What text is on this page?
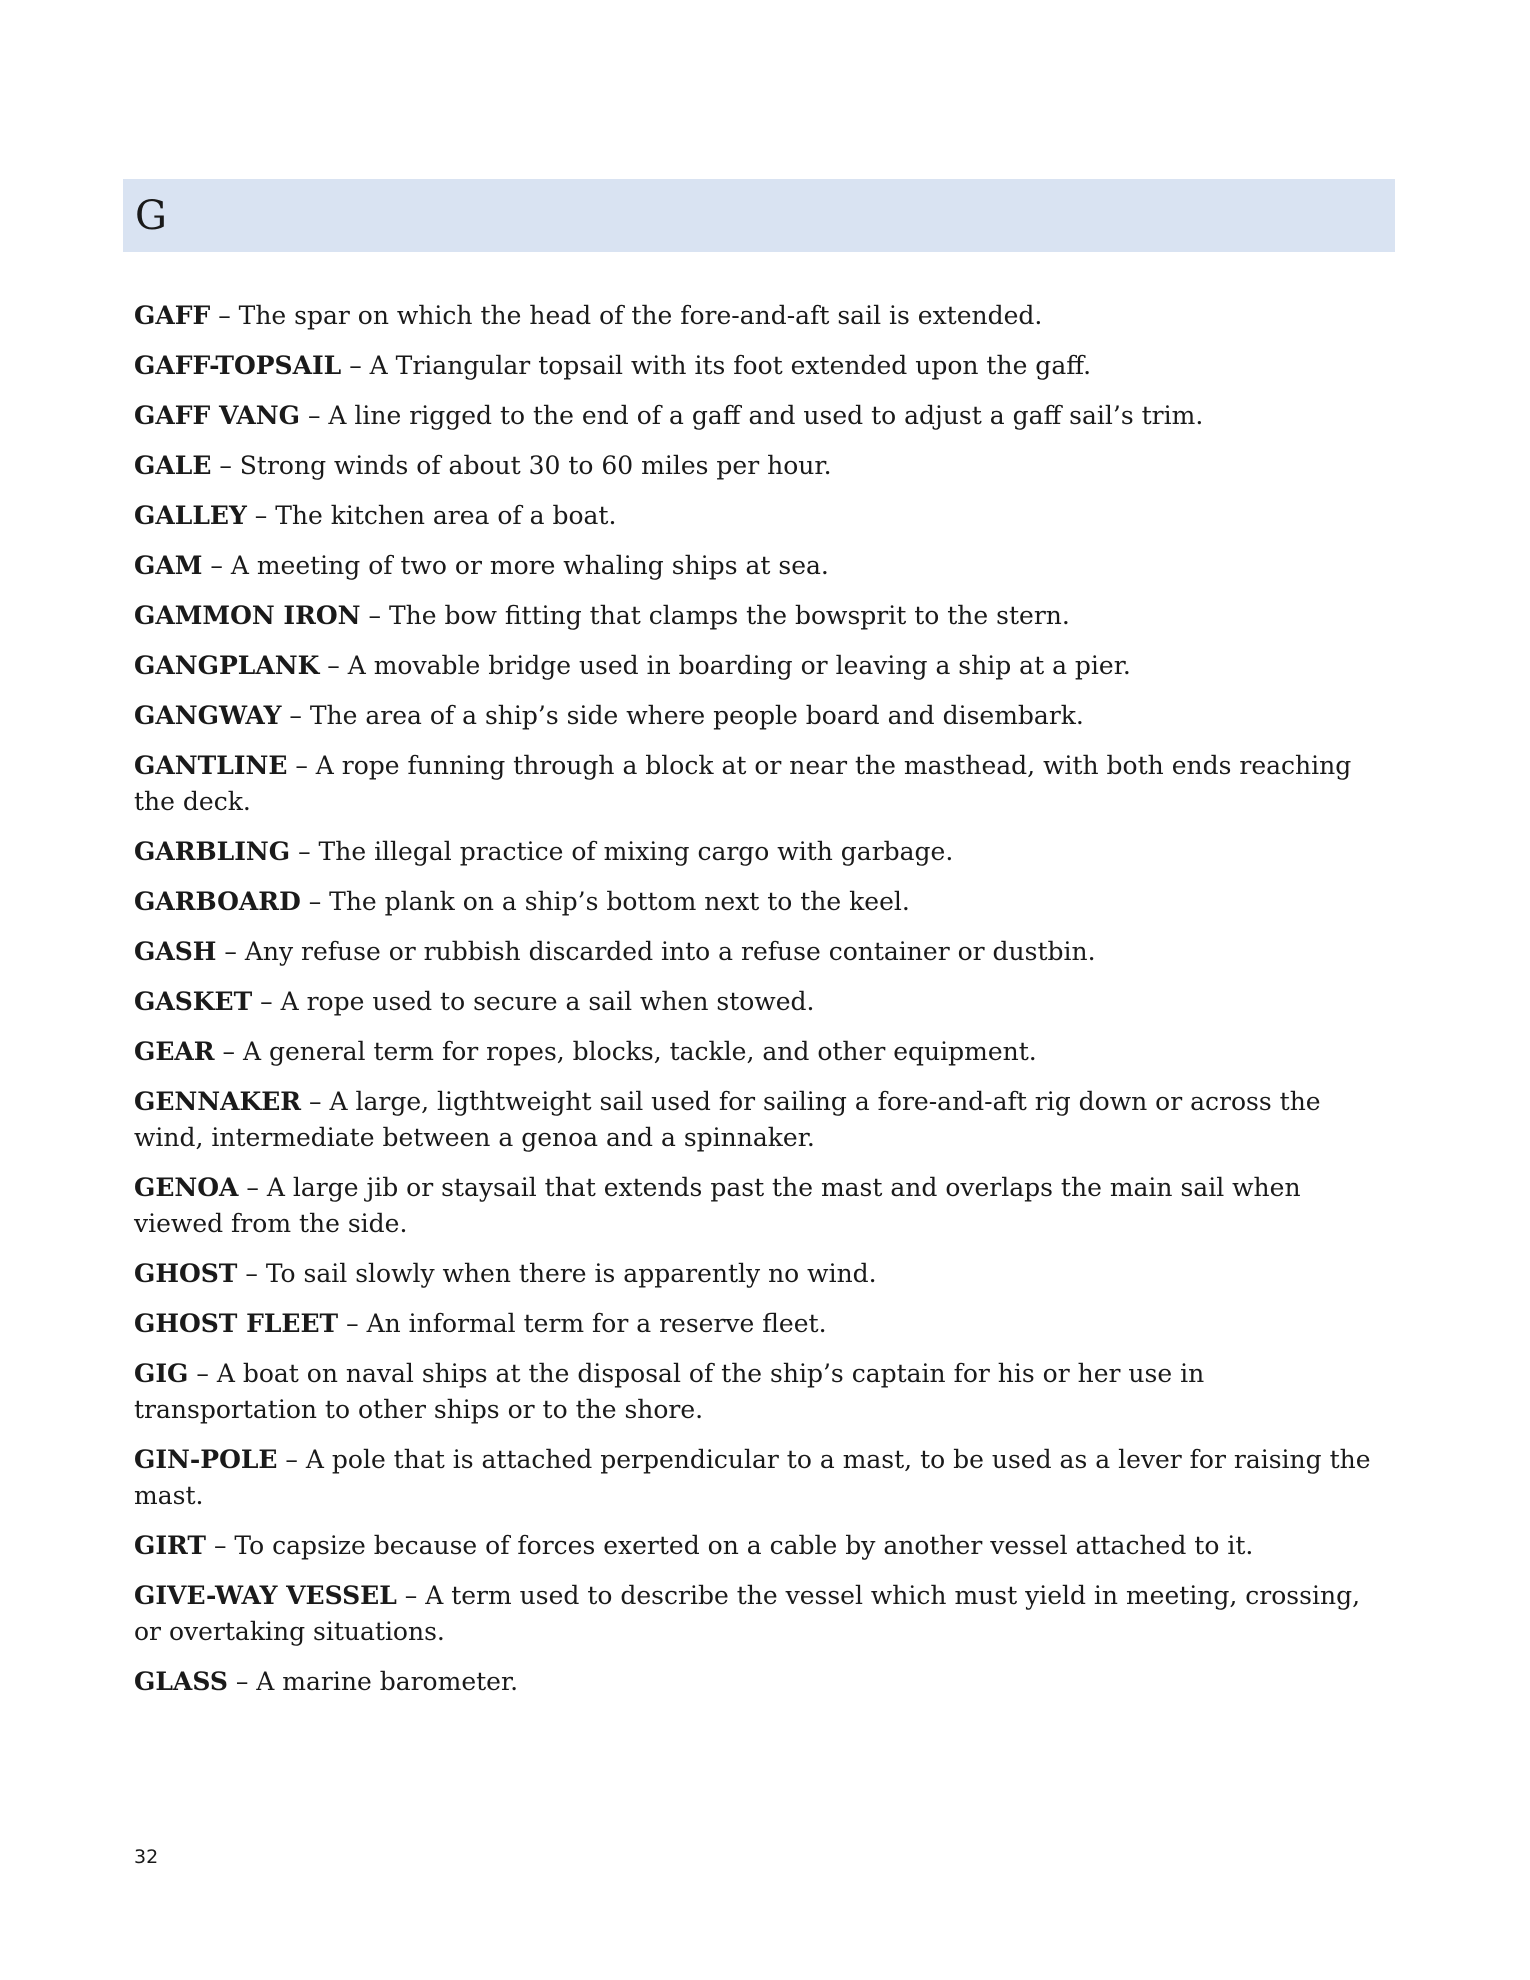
G

GAFF – The spar on which the head of the fore-and-aft sail is extended.

GAFF-TOPSAIL – A Triangular topsail with its foot extended upon the gaff.

GAFF VANG – A line rigged to the end of a gaff and used to adjust a gaff sail’s trim.

GALE – Strong winds of about 30 to 60 miles per hour.

GALLEY – The kitchen area of a boat.

GAM – A meeting of two or more whaling ships at sea.

GAMMON IRON – The bow fitting that clamps the bowsprit to the stern.

GANGPLANK – A movable bridge used in boarding or leaving a ship at a pier.

GANGWAY – The area of a ship’s side where people board and disembark.

GANTLINE – A rope funning through a block at or near the masthead, with both ends reaching the deck.

GARBLING – The illegal practice of mixing cargo with garbage.

GARBOARD – The plank on a ship’s bottom next to the keel.

GASH – Any refuse or rubbish discarded into a refuse container or dustbin.

GASKET – A rope used to secure a sail when stowed.

GEAR – A general term for ropes, blocks, tackle, and other equipment.

GENNAKER – A large, ligthtweight sail used for sailing a fore-and-aft rig down or across the wind, intermediate between a genoa and a spinnaker.

GENOA – A large jib or staysail that extends past the mast and overlaps the main sail when viewed from the side.

GHOST – To sail slowly when there is apparently no wind.

GHOST FLEET – An informal term for a reserve fleet.

GIG – A boat on naval ships at the disposal of the ship’s captain for his or her use in transportation to other ships or to the shore.

GIN-POLE – A pole that is attached perpendicular to a mast, to be used as a lever for raising the mast.

GIRT – To capsize because of forces exerted on a cable by another vessel attached to it.

GIVE-WAY VESSEL – A term used to describe the vessel which must yield in meeting, crossing, or overtaking situations.

GLASS – A marine barometer.

32
